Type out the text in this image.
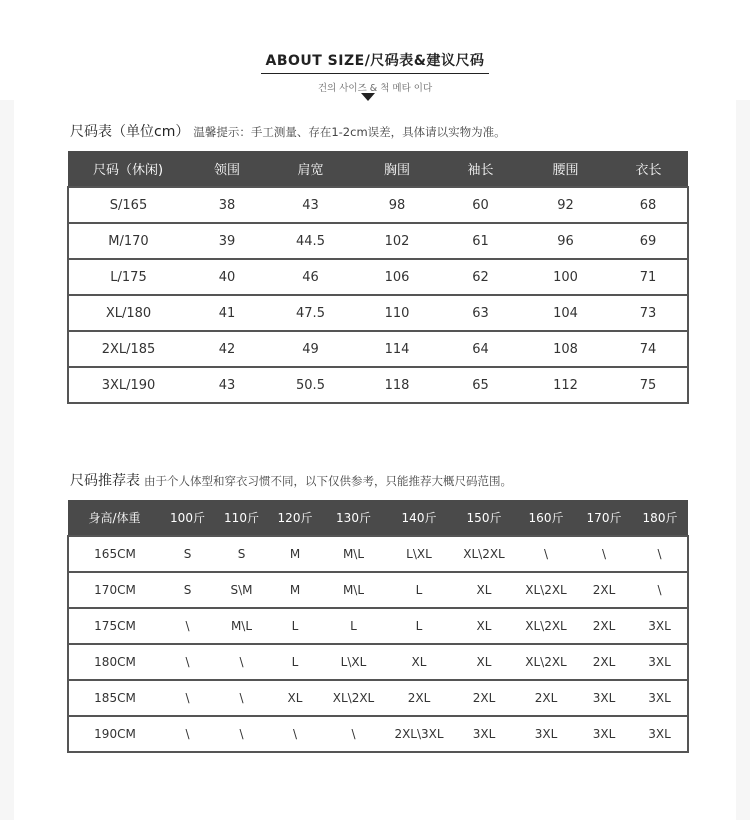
ABOUT SIZE/尺码表&建议尺码
건의 사이즈 & 척 메타 이다
尺码表（单位cm） 温馨提示：手工测量、存在1-2cm误差，具体请以实物为准。
尺码（休闲)	领围	肩宽	胸围	袖长	腰围	衣长
S/165	38	43	98	60	92	68
M/170	39	44.5	102	61	96	69
L/175	40	46	106	62	100	71
XL/180	41	47.5	110	63	104	73
2XL/185	42	49	114	64	108	74
3XL/190	43	50.5	118	65	112	75
尺码推荐表 由于个人体型和穿衣习惯不同，以下仅供参考，只能推荐大概尺码范围。
身高/体重	100斤	110斤	120斤	130斤	140斤	150斤	160斤	170斤	180斤
165CM	S	S	M	M\L	L\XL	XL\2XL	\	\	\
170CM	S	S\M	M	M\L	L	XL	XL\2XL	2XL	\
175CM	\	M\L	L	L	L	XL	XL\2XL	2XL	3XL
180CM	\	\	L	L\XL	XL	XL	XL\2XL	2XL	3XL
185CM	\	\	XL	XL\2XL	2XL	2XL	2XL	3XL	3XL
190CM	\	\	\	\	2XL\3XL	3XL	3XL	3XL	3XL
